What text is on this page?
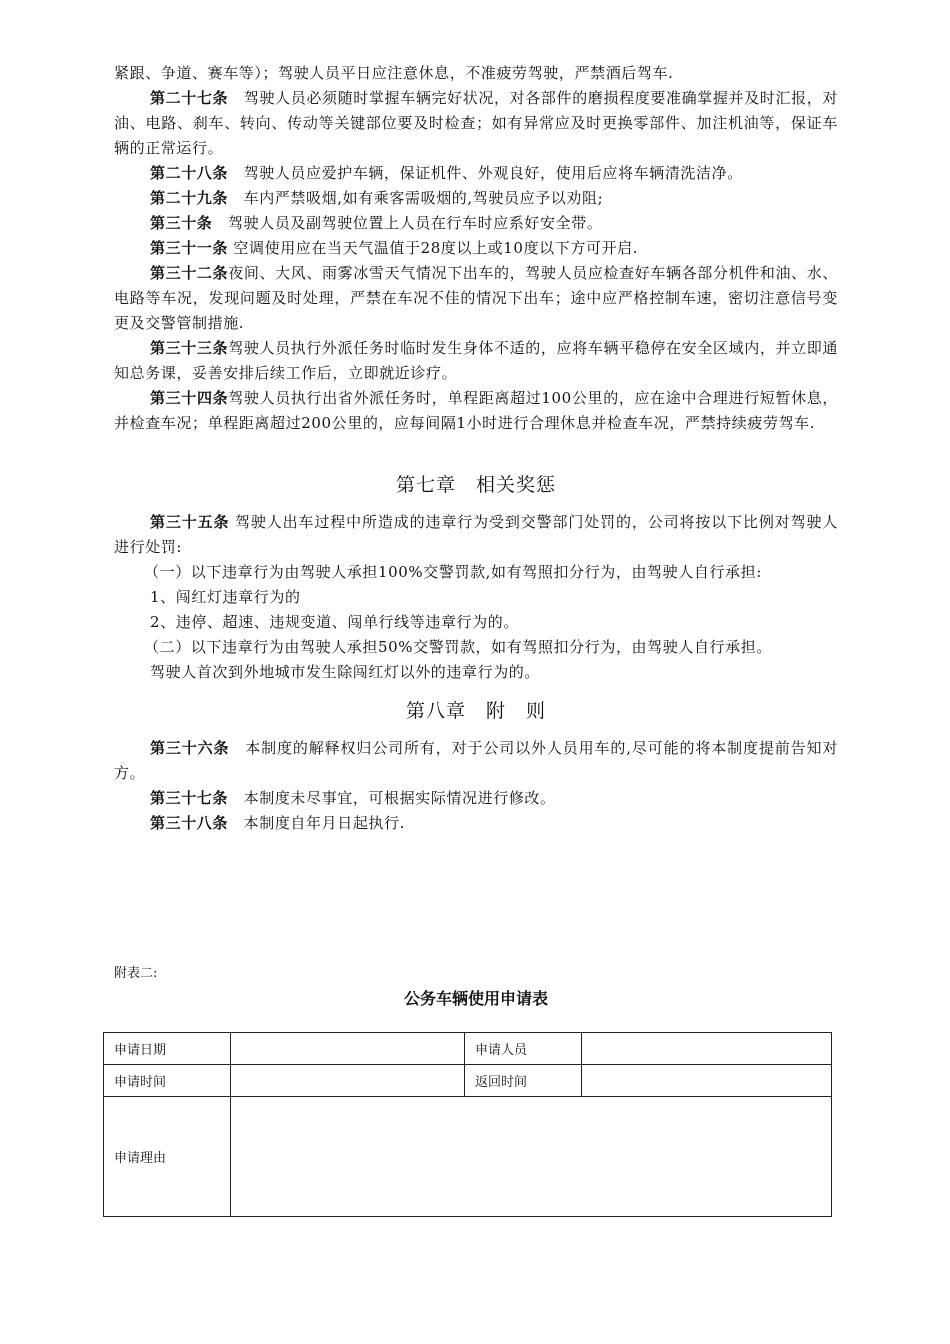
紧跟、争道、赛车等）；驾驶人员平日应注意休息，不准疲劳驾驶，严禁酒后驾车.
第二十七条　 驾驶人员必须随时掌握车辆完好状况，对各部件的磨损程度要准确掌握并及时汇报，对油、电路、刹车、转向、传动等关键部位要及时检查；如有异常应及时更换零部件、加注机油等，保证车辆的正常运行。
第二十八条　 驾驶人员应爱护车辆，保证机件、外观良好，使用后应将车辆清洗洁净。
第二十九条　 车内严禁吸烟,如有乘客需吸烟的,驾驶员应予以劝阻;
第三十条　 驾驶人员及副驾驶位置上人员在行车时应系好安全带。
第三十一条 空调使用应在当天气温值于28度以上或10度以下方可开启.
第三十二条夜间、大风、雨雾冰雪天气情况下出车的，驾驶人员应检查好车辆各部分机件和油、水、电路等车况，发现问题及时处理，严禁在车况不佳的情况下出车；途中应严格控制车速，密切注意信号变更及交警管制措施.
第三十三条驾驶人员执行外派任务时临时发生身体不适的，应将车辆平稳停在安全区域内，并立即通知总务课，妥善安排后续工作后，立即就近诊疗。
第三十四条驾驶人员执行出省外派任务时，单程距离超过100公里的，应在途中合理进行短暂休息，并检查车况；单程距离超过200公里的，应每间隔1小时进行合理休息并检查车况，严禁持续疲劳驾车.
第七章　相关奖惩
第三十五条 驾驶人出车过程中所造成的违章行为受到交警部门处罚的，公司将按以下比例对驾驶人进行处罚:
（一）以下违章行为由驾驶人承担100%交警罚款,如有驾照扣分行为，由驾驶人自行承担:
1、闯红灯违章行为的
2、违停、超速、违规变道、闯单行线等违章行为的。
（二）以下违章行为由驾驶人承担50%交警罚款，如有驾照扣分行为，由驾驶人自行承担。
驾驶人首次到外地城市发生除闯红灯以外的违章行为的。
第八章　附　则
第三十六条　 本制度的解释权归公司所有，对于公司以外人员用车的,尽可能的将本制度提前告知对方。
第三十七条　 本制度未尽事宜，可根据实际情况进行修改。
第三十八条　 本制度自年月日起执行.
附表二:
公务车辆使用申请表
申请日期		申请人员	
申请时间		返回时间	
申请理由			
